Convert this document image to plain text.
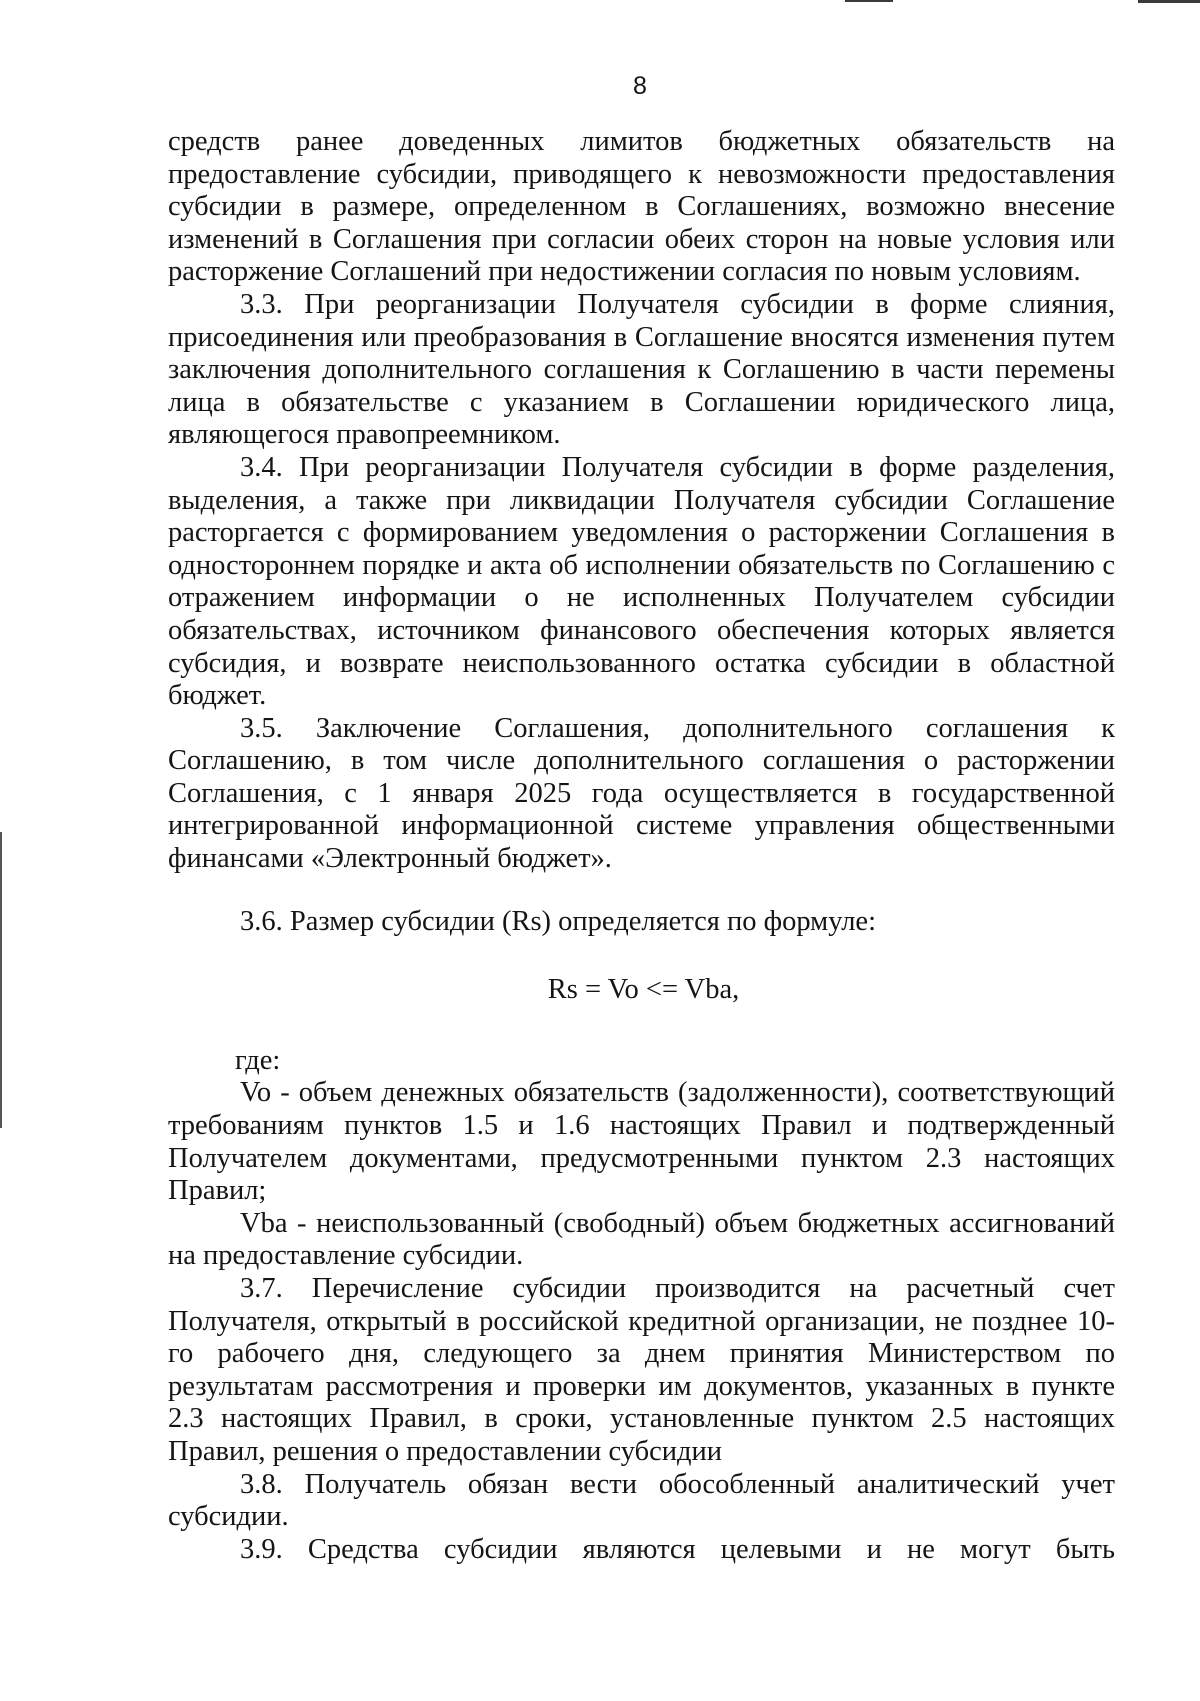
8

средств ранее доведенных лимитов бюджетных обязательств на предоставление субсидии, приводящего к невозможности предоставления субсидии в размере, определенном в Соглашениях, возможно внесение изменений в Соглашения при согласии обеих сторон на новые условия или расторжение Соглашений при недостижении согласия по новым условиям.

3.3. При реорганизации Получателя субсидии в форме слияния, присоединения или преобразования в Соглашение вносятся изменения путем заключения дополнительного соглашения к Соглашению в части перемены лица в обязательстве с указанием в Соглашении юридического лица, являющегося правопреемником.

3.4. При реорганизации Получателя субсидии в форме разделения, выделения, а также при ликвидации Получателя субсидии Соглашение расторгается с формированием уведомления о расторжении Соглашения в одностороннем порядке и акта об исполнении обязательств по Соглашению с отражением информации о не исполненных Получателем субсидии обязательствах, источником финансового обеспечения которых является субсидия, и возврате неиспользованного остатка субсидии в областной бюджет.

3.5. Заключение Соглашения, дополнительного соглашения к Соглашению, в том числе дополнительного соглашения о расторжении Соглашения, с 1 января 2025 года осуществляется в государственной интегрированной информационной системе управления общественными финансами «Электронный бюджет».

3.6. Размер субсидии (Rs) определяется по формуле:

Rs = Vo <= Vba,

где:

Vo - объем денежных обязательств (задолженности), соответствующий требованиям пунктов 1.5 и 1.6 настоящих Правил и подтвержденный Получателем документами, предусмотренными пунктом 2.3 настоящих Правил;

Vba - неиспользованный (свободный) объем бюджетных ассигнований на предоставление субсидии.

3.7. Перечисление субсидии производится на расчетный счет Получателя, открытый в российской кредитной организации, не позднее 10-го рабочего дня, следующего за днем принятия Министерством по результатам рассмотрения и проверки им документов, указанных в пункте 2.3 настоящих Правил, в сроки, установленные пунктом 2.5 настоящих Правил, решения о предоставлении субсидии

3.8. Получатель обязан вести обособленный аналитический учет субсидии.

3.9. Средства субсидии являются целевыми и не могут быть
